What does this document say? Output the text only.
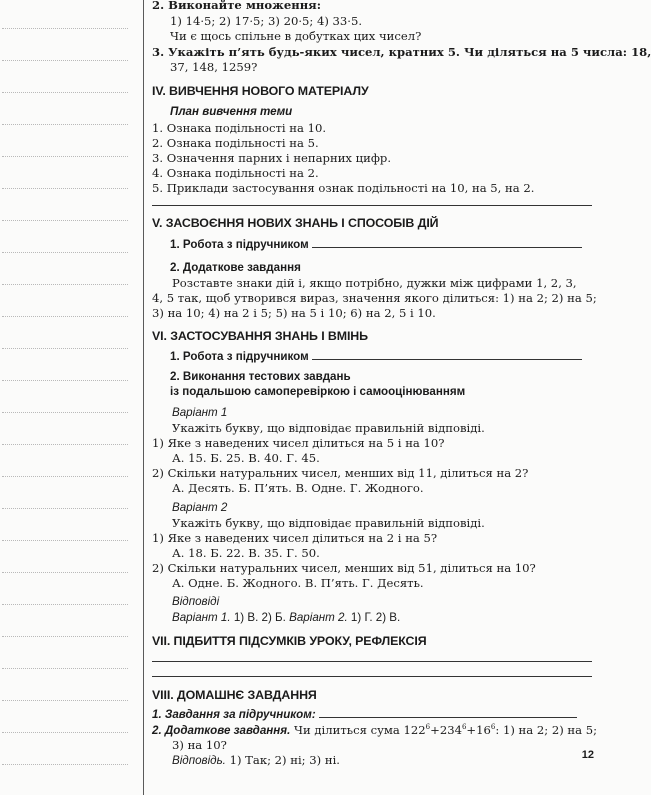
2. Виконайте множення:
1) 14·5; 2) 17·5; 3) 20·5; 4) 33·5.
Чи є щось спільне в добутках цих чисел?
3. Укажіть п’ять будь-яких чисел, кратних 5. Чи діляться на 5 числа: 18,
37, 148, 1259?
IV. ВИВЧЕННЯ НОВОГО МАТЕРІАЛУ
План вивчення теми
1. Ознака подільності на 10.
2. Ознака подільності на 5.
3. Означення парних і непарних цифр.
4. Ознака подільності на 2.
5. Приклади застосування ознак подільності на 10, на 5, на 2.
V. ЗАСВОЄННЯ НОВИХ ЗНАНЬ І СПОСОБІВ ДІЙ
1. Робота з підручником
2. Додаткове завдання
Розставте знаки дій і, якщо потрібно, дужки між цифрами 1, 2, 3,
4, 5 так, щоб утворився вираз, значення якого ділиться: 1) на 2; 2) на 5;
3) на 10; 4) на 2 і 5; 5) на 5 і 10; 6) на 2, 5 і 10.
VI. ЗАСТОСУВАННЯ ЗНАНЬ І ВМІНЬ
1. Робота з підручником
2. Виконання тестових завдань
із подальшою самоперевіркою і самооцінюванням
Варіант 1
Укажіть букву, що відповідає правильній відповіді.
1) Яке з наведених чисел ділиться на 5 і на 10?
А. 15. Б. 25. В. 40. Г. 45.
2) Скільки натуральних чисел, менших від 11, ділиться на 2?
А. Десять. Б. П’ять. В. Одне. Г. Жодного.
Варіант 2
Укажіть букву, що відповідає правильній відповіді.
1) Яке з наведених чисел ділиться на 2 і на 5?
А. 18. Б. 22. В. 35. Г. 50.
2) Скільки натуральних чисел, менших від 51, ділиться на 10?
А. Одне. Б. Жодного. В. П’ять. Г. Десять.
Відповіді
Варіант 1. 1) В. 2) Б. Варіант 2. 1) Г. 2) В.
VII. ПІДБИТТЯ ПІДСУМКІВ УРОКУ, РЕФЛЕКСІЯ
VIII. ДОМАШНЄ ЗАВДАННЯ
1. Завдання за підручником:
2. Додаткове завдання. Чи ділиться сума $122^6+234^6+16^6$: 1) на 2; 2) на 5;
3) на 10?
Відповідь. 1) Так; 2) ні; 3) ні.	12
